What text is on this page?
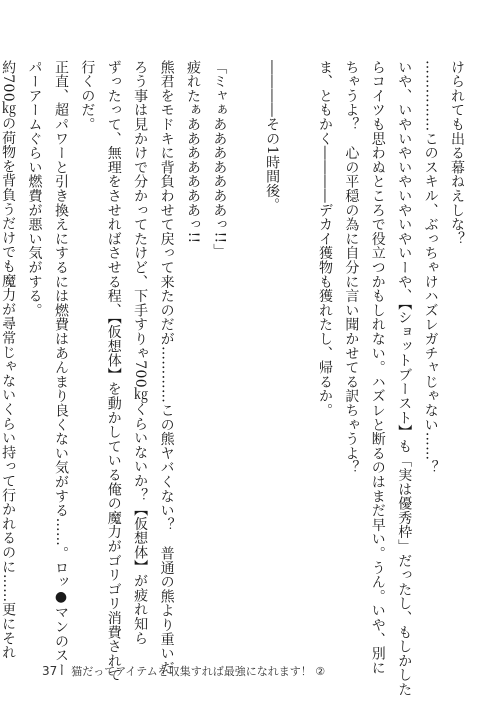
けられても出る幕ねえしな？
……………このスキル、ぶっちゃけハズレガチャじゃない……？
いや、いやいやいやいやいやいーや、【ショットブースト】も「実は優秀枠」だったし、もしかした
らコイツも思わぬところで役立つかもしれない。ハズレと断るのはまだ早い。うん。いや、別に
ちゃうよ？　心の平穏の為に自分に言い聞かせてる訳ちゃうよ？
ま、ともかく――――デカイ獲物も獲れたし、帰るか。
――――その1時間後。
「ミャぁあああああああっ!!」
疲れたぁあああああああっ!!
熊君をモドキに背負わせて戻って来たのだが…………この熊ヤバくない？　普通の熊より重いだ
ろう事は見かけで分かってたけど、下手すりゃ700㎏くらいないか？【仮想体】が疲れ知ら
ずったって、無理をさせればさせる程、【仮想体】を動かしている俺の魔力がゴリゴリ消費されて
行くのだ。
正直、超パワーと引き換えにするには燃費はあんまり良くない気がする……。ロッ●マンのスー
パーアームぐらい燃費が悪い気がする。
約700㎏の荷物を背負うだけでも魔力が尋常じゃないくらい持って行かれるのに……更にそれ
37 猫だってアイテムを収集すれば最強になれます！ ②
